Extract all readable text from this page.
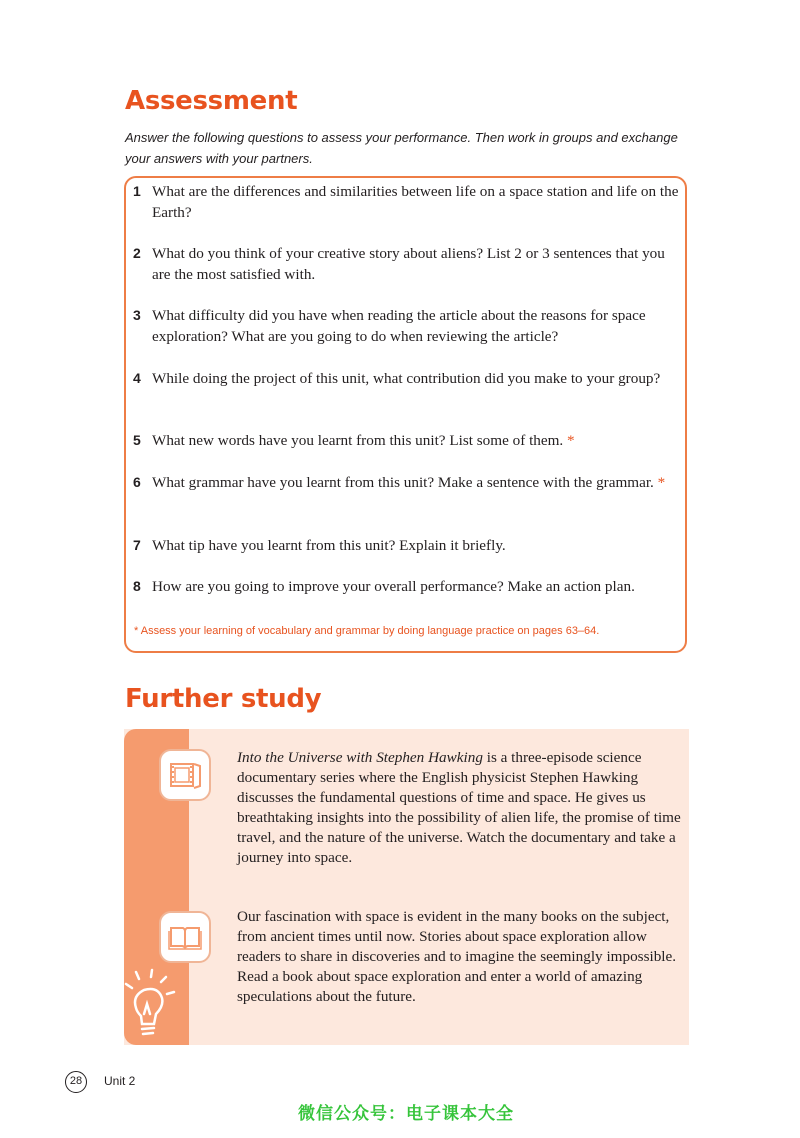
Assessment
Answer the following questions to assess your performance. Then work in groups and exchange your answers with your partners.
1 What are the differences and similarities between life on a space station and life on the Earth?
2 What do you think of your creative story about aliens? List 2 or 3 sentences that you are the most satisfied with.
3 What difficulty did you have when reading the article about the reasons for space exploration? What are you going to do when reviewing the article?
4 While doing the project of this unit, what contribution did you make to your group?
5 What new words have you learnt from this unit? List some of them. *
6 What grammar have you learnt from this unit? Make a sentence with the grammar. *
7 What tip have you learnt from this unit? Explain it briefly.
8 How are you going to improve your overall performance? Make an action plan.
* Assess your learning of vocabulary and grammar by doing language practice on pages 63–64.
Further study
Into the Universe with Stephen Hawking is a three-episode science documentary series where the English physicist Stephen Hawking discusses the fundamental questions of time and space. He gives us breathtaking insights into the possibility of alien life, the promise of time travel, and the nature of the universe. Watch the documentary and take a journey into space.
Our fascination with space is evident in the many books on the subject, from ancient times until now. Stories about space exploration allow readers to share in discoveries and to imagine the seemingly impossible. Read a book about space exploration and enter a world of amazing speculations about the future.
28	Unit 2
微信公众号：电子课本大全
